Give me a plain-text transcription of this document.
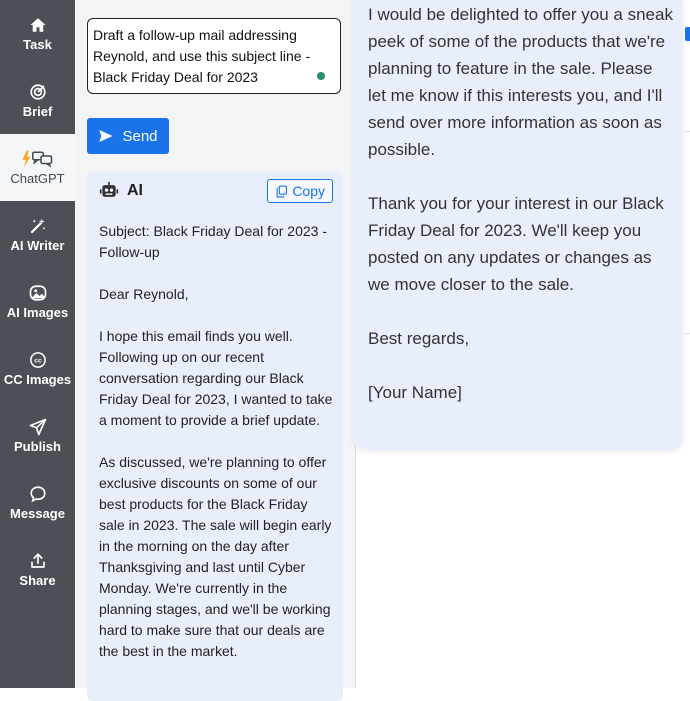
Task
Brief
ChatGPT
AI Writer
AI Images
cc
CC Images
Publish
Message
Share
Draft a follow-up mail addressing Reynold, and use this subject line - Black Friday Deal for 2023
Send
AI	Copy

Subject: Black Friday Deal for 2023 - Follow-up

Dear Reynold,

I hope this email finds you well. Following up on our recent conversation regarding our Black Friday Deal for 2023, I wanted to take a moment to provide a brief update.

As discussed, we're planning to offer exclusive discounts on some of our best products for the Black Friday sale in 2023. The sale will begin early in the morning on the day after Thanksgiving and last until Cyber Monday. We're currently in the planning stages, and we'll be working hard to make sure that our deals are the best in the market.

I would be delighted to offer you a sneak peek of some of the products that we're planning to feature in the sale. Please let me know if this interests you, and I'll send over more information as soon as possible.

Thank you for your interest in our Black Friday Deal for 2023. We'll keep you posted on any updates or changes as we move closer to the sale.

Best regards,

[Your Name]
